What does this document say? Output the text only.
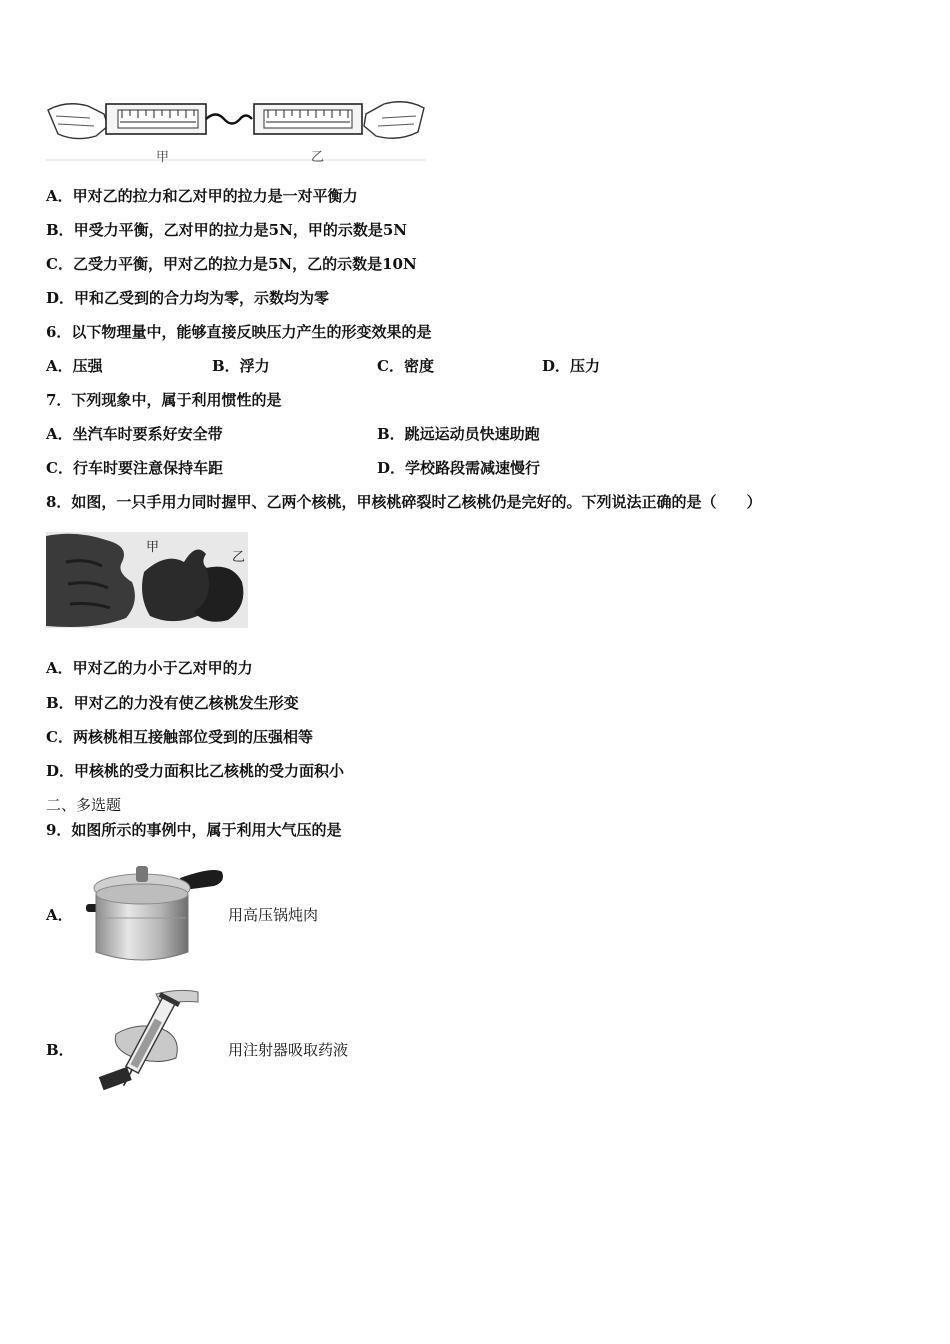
甲	乙
A．甲对乙的拉力和乙对甲的拉力是一对平衡力
B．甲受力平衡，乙对甲的拉力是5N，甲的示数是5N
C．乙受力平衡，甲对乙的拉力是5N，乙的示数是10N
D．甲和乙受到的合力均为零，示数均为零
6．以下物理量中，能够直接反映压力产生的形变效果的是
A．压强	B．浮力	C．密度	D．压力
7．下列现象中，属于利用惯性的是
A．坐汽车时要系好安全带	B．跳远运动员快速助跑
C．行车时要注意保持车距	D．学校路段需减速慢行
8．如图，一只手用力同时握甲、乙两个核桃，甲核桃碎裂时乙核桃仍是完好的。下列说法正确的是（　　）
甲
乙
A．甲对乙的力小于乙对甲的力
B．甲对乙的力没有使乙核桃发生形变
C．两核桃相互接触部位受到的压强相等
D．甲核桃的受力面积比乙核桃的受力面积小
二、多选题
9．如图所示的事例中，属于利用大气压的是
A．	用高压锅炖肉
B．	用注射器吸取药液
